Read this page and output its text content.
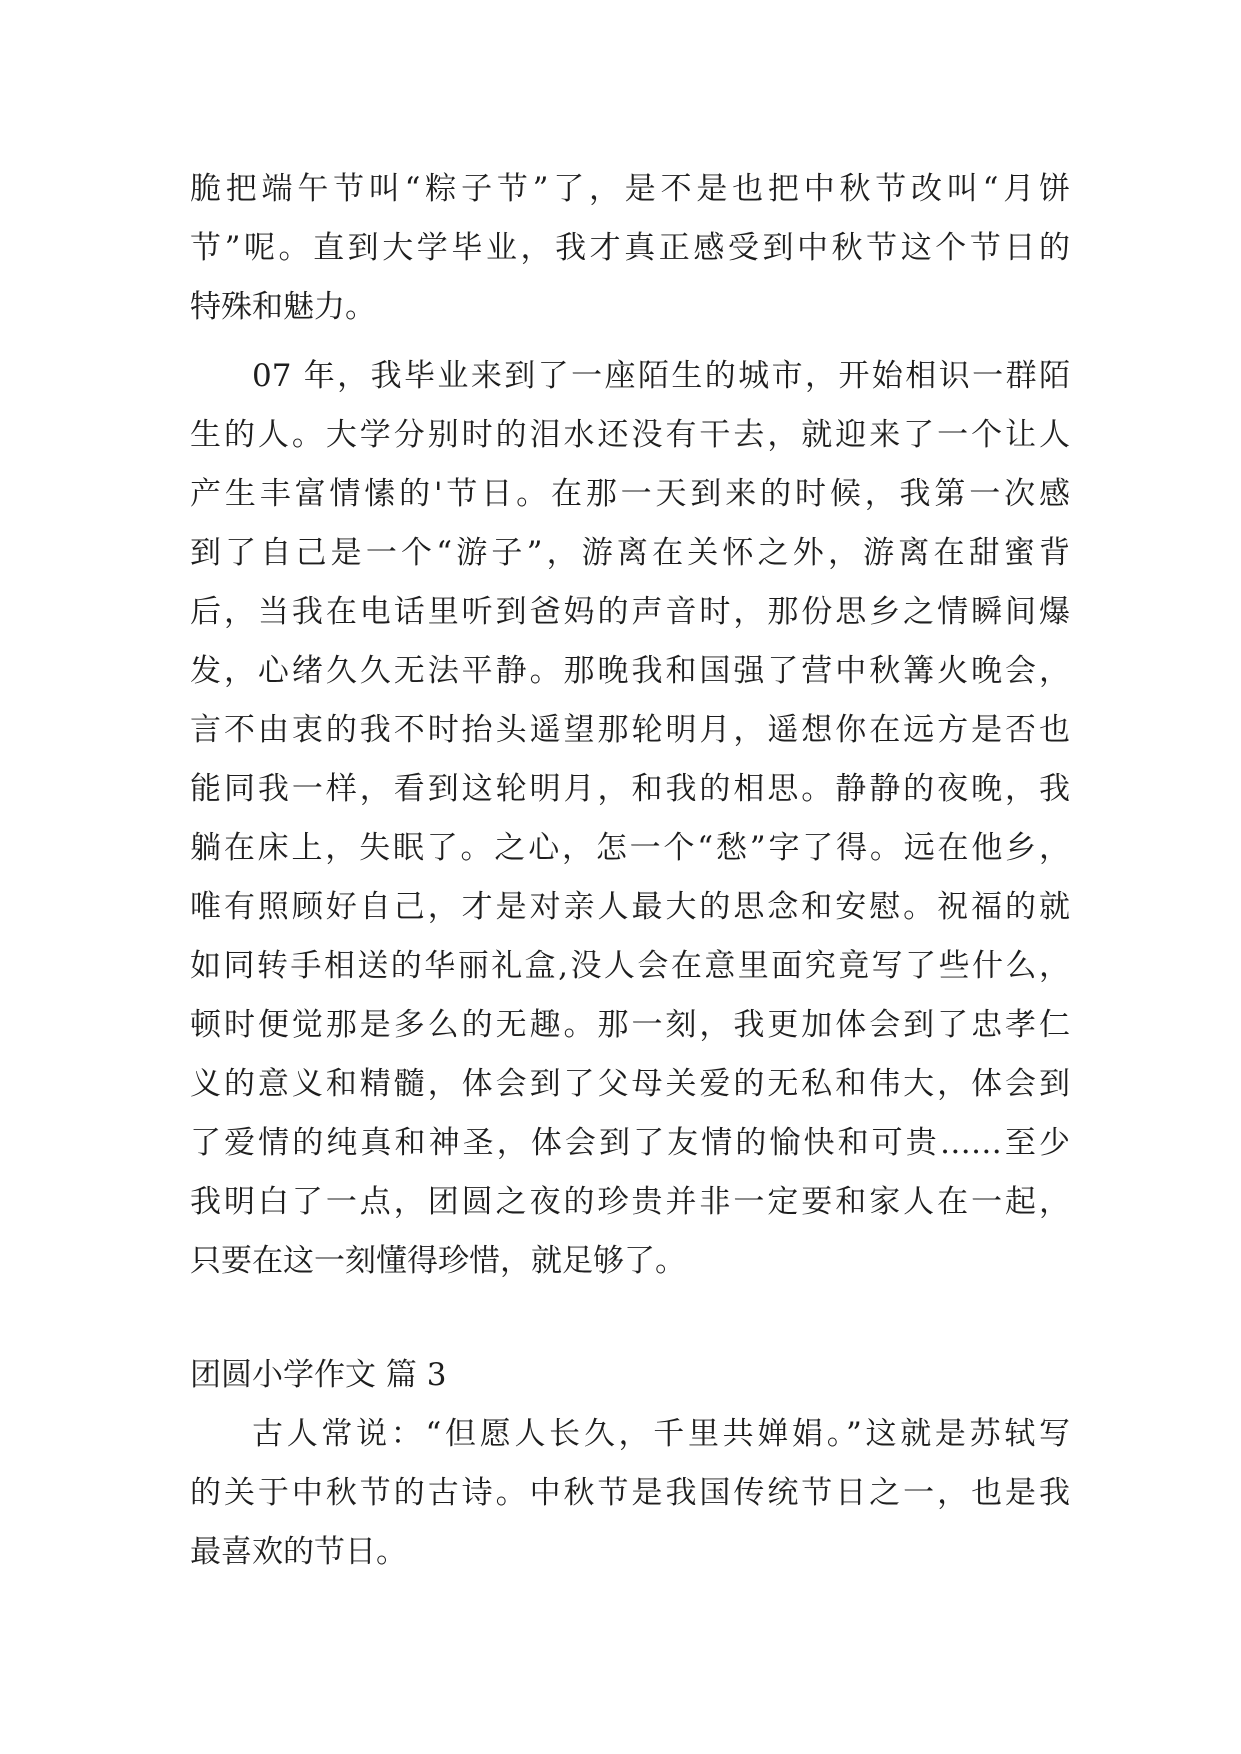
脆把端午节叫“粽子节”了，是不是也把中秋节改叫“月饼
节”呢。直到大学毕业，我才真正感受到中秋节这个节日的
特殊和魅力。
07 年，我毕业来到了一座陌生的城市，开始相识一群陌
生的人。大学分别时的泪水还没有干去，就迎来了一个让人
产生丰富情愫的'节日。在那一天到来的时候，我第一次感
到了自己是一个“游子”，游离在关怀之外，游离在甜蜜背
后，当我在电话里听到爸妈的声音时，那份思乡之情瞬间爆
发，心绪久久无法平静。那晚我和国强了营中秋篝火晚会，
言不由衷的我不时抬头遥望那轮明月，遥想你在远方是否也
能同我一样，看到这轮明月，和我的相思。静静的夜晚，我
躺在床上，失眠了。之心，怎一个“愁”字了得。远在他乡，
唯有照顾好自己，才是对亲人最大的思念和安慰。祝福的就
如同转手相送的华丽礼盒,没人会在意里面究竟写了些什么，
顿时便觉那是多么的无趣。那一刻，我更加体会到了忠孝仁
义的意义和精髓，体会到了父母关爱的无私和伟大，体会到
了爱情的纯真和神圣，体会到了友情的愉快和可贵……至少
我明白了一点，团圆之夜的珍贵并非一定要和家人在一起，
只要在这一刻懂得珍惜，就足够了。
团圆小学作文 篇 3
古人常说：“但愿人长久，千里共婵娟。”这就是苏轼写
的关于中秋节的古诗。中秋节是我国传统节日之一，也是我
最喜欢的节日。
